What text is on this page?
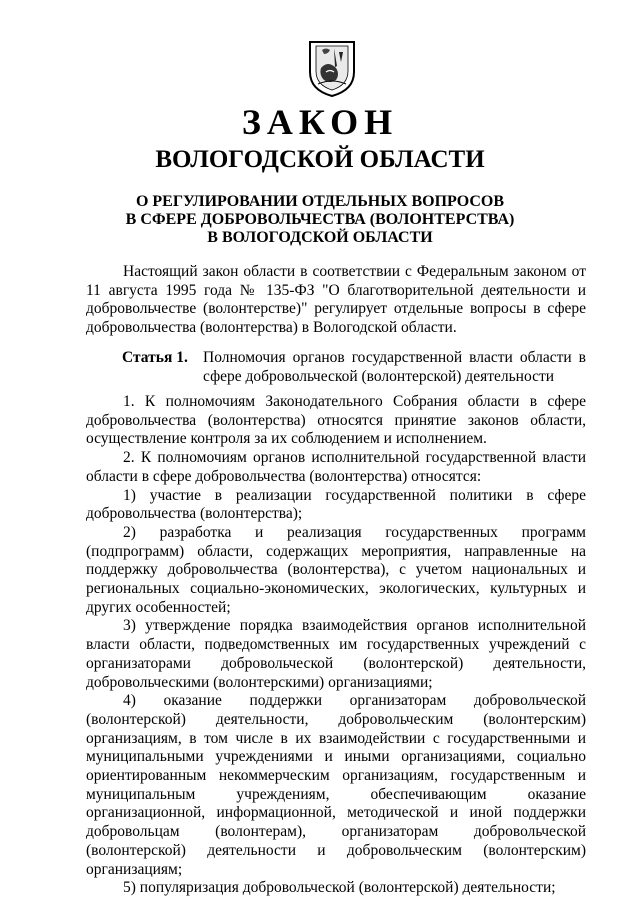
ЗАКОН
ВОЛОГОДСКОЙ ОБЛАСТИ
О РЕГУЛИРОВАНИИ ОТДЕЛЬНЫХ ВОПРОСОВ
В СФЕРЕ ДОБРОВОЛЬЧЕСТВА (ВОЛОНТЕРСТВА)
В ВОЛОГОДСКОЙ ОБЛАСТИ

Настоящий закон области в соответствии с Федеральным законом от 11 августа 1995 года № 135-ФЗ "О благотворительной деятельности и добровольчестве (волонтерстве)" регулирует отдельные вопросы в сфере добровольчества (волонтерства) в Вологодской области.

Статья 1. Полномочия органов государственной власти области в сфере добровольческой (волонтерской) деятельности

1. К полномочиям Законодательного Собрания области в сфере добровольчества (волонтерства) относятся принятие законов области, осуществление контроля за их соблюдением и исполнением.

2. К полномочиям органов исполнительной государственной власти области в сфере добровольчества (волонтерства) относятся:

1) участие в реализации государственной политики в сфере добровольчества (волонтерства);

2) разработка и реализация государственных программ (подпрограмм) области, содержащих мероприятия, направленные на поддержку добровольчества (волонтерства), с учетом национальных и региональных социально-экономических, экологических, культурных и других особенностей;

3) утверждение порядка взаимодействия органов исполнительной власти области, подведомственных им государственных учреждений с организаторами добровольческой (волонтерской) деятельности, добровольческими (волонтерскими) организациями;

4) оказание поддержки организаторам добровольческой (волонтерской) деятельности, добровольческим (волонтерским) организациям, в том числе в их взаимодействии с государственными и муниципальными учреждениями и иными организациями, социально ориентированным некоммерческим организациям, государственным и муниципальным учреждениям, обеспечивающим оказание организационной, информационной, методической и иной поддержки добровольцам (волонтерам), организаторам добровольческой (волонтерской) деятельности и добровольческим (волонтерским) организациям;

5) популяризация добровольческой (волонтерской) деятельности;
